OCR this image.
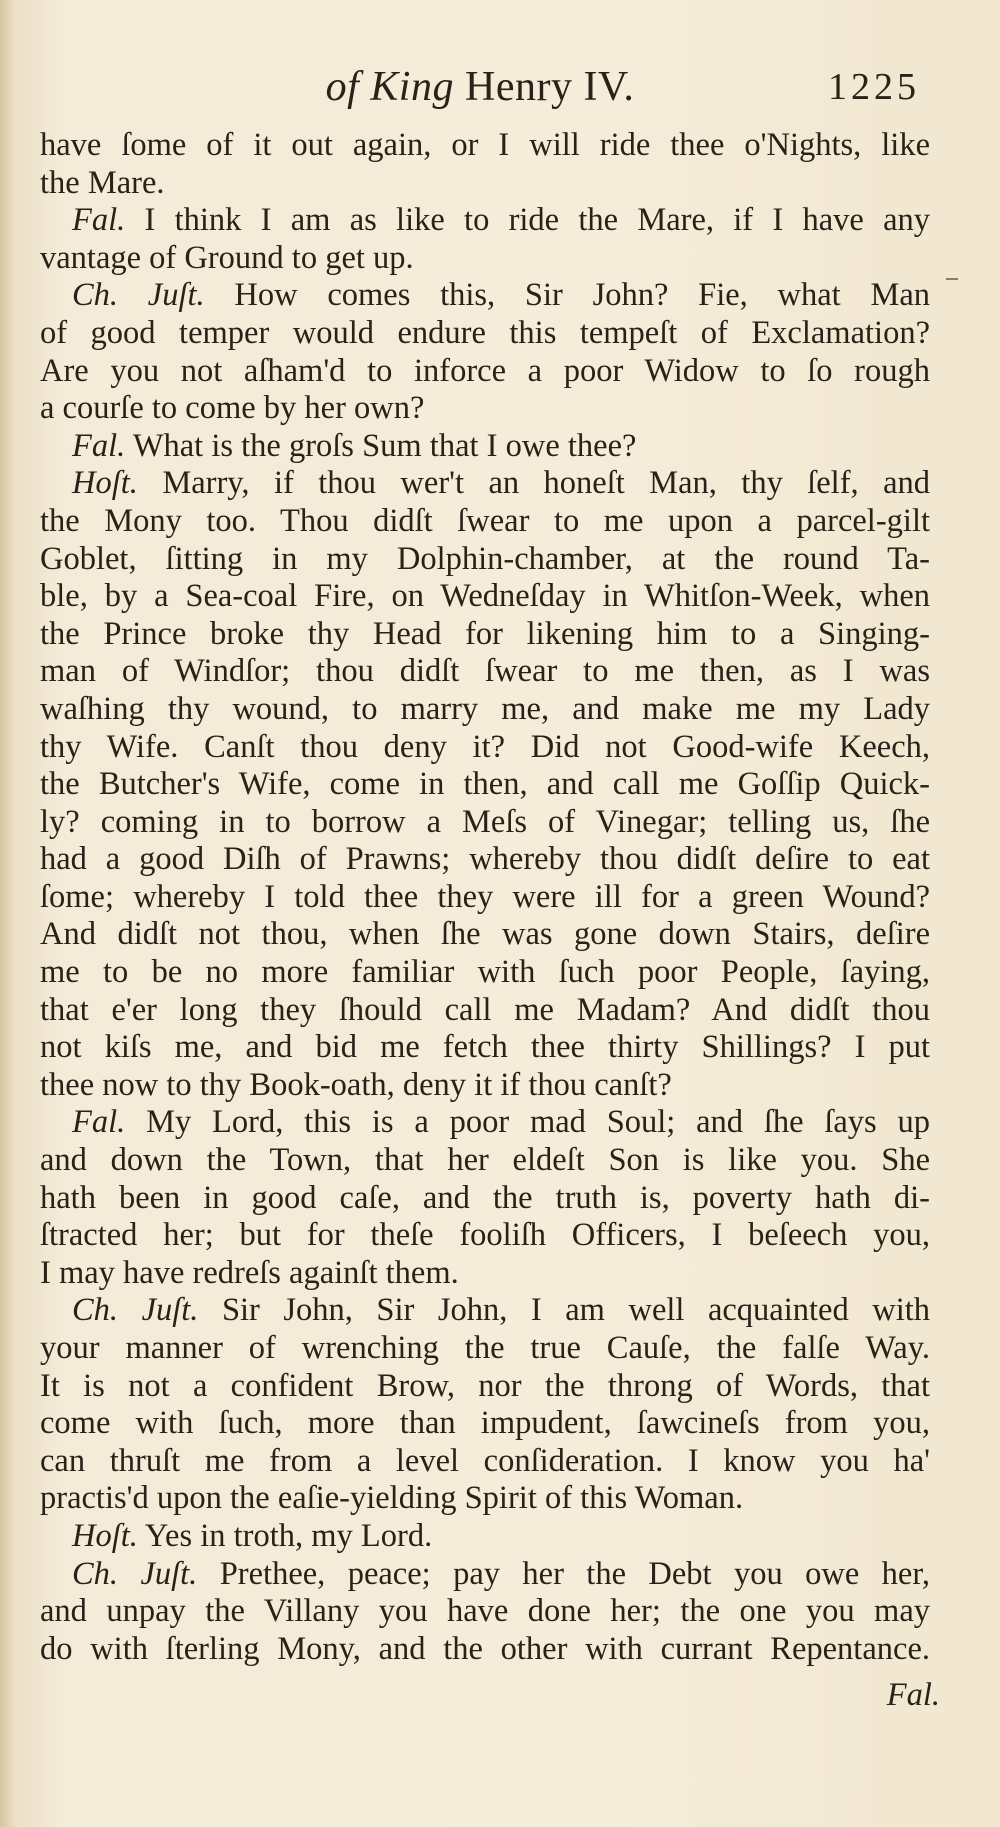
of King Henry IV.	1225
have ſome of it out again, or I will ride thee o'Nights, like
the Mare.
Fal. I think I am as like to ride the Mare, if I have any
vantage of Ground to get up.
Ch. Juſt. How comes this, Sir John? Fie, what Man
of good temper would endure this tempeſt of Exclamation?
Are you not aſham'd to inforce a poor Widow to ſo rough
a courſe to come by her own?
Fal. What is the groſs Sum that I owe thee?
Hoſt. Marry, if thou wer't an honeſt Man, thy ſelf, and
the Mony too. Thou didſt ſwear to me upon a parcel-gilt
Goblet, ſitting in my Dolphin-chamber, at the round Ta-
ble, by a Sea-coal Fire, on Wedneſday in Whitſon-Week, when
the Prince broke thy Head for likening him to a Singing-
man of Windſor; thou didſt ſwear to me then, as I was
waſhing thy wound, to marry me, and make me my Lady
thy Wife. Canſt thou deny it? Did not Good-wife Keech,
the Butcher's Wife, come in then, and call me Goſſip Quick-
ly? coming in to borrow a Meſs of Vinegar; telling us, ſhe
had a good Diſh of Prawns; whereby thou didſt deſire to eat
ſome; whereby I told thee they were ill for a green Wound?
And didſt not thou, when ſhe was gone down Stairs, deſire
me to be no more familiar with ſuch poor People, ſaying,
that e'er long they ſhould call me Madam? And didſt thou
not kiſs me, and bid me fetch thee thirty Shillings? I put
thee now to thy Book-oath, deny it if thou canſt?
Fal. My Lord, this is a poor mad Soul; and ſhe ſays up
and down the Town, that her eldeſt Son is like you. She
hath been in good caſe, and the truth is, poverty hath di-
ſtracted her; but for theſe fooliſh Officers, I beſeech you,
I may have redreſs againſt them.
Ch. Juſt. Sir John, Sir John, I am well acquainted with
your manner of wrenching the true Cauſe, the falſe Way.
It is not a confident Brow, nor the throng of Words, that
come with ſuch, more than impudent, ſawcineſs from you,
can thruſt me from a level conſideration. I know you ha'
practis'd upon the eaſie-yielding Spirit of this Woman.
Hoſt. Yes in troth, my Lord.
Ch. Juſt. Prethee, peace; pay her the Debt you owe her,
and unpay the Villany you have done her; the one you may
do with ſterling Mony, and the other with currant Repentance.
Fal.
